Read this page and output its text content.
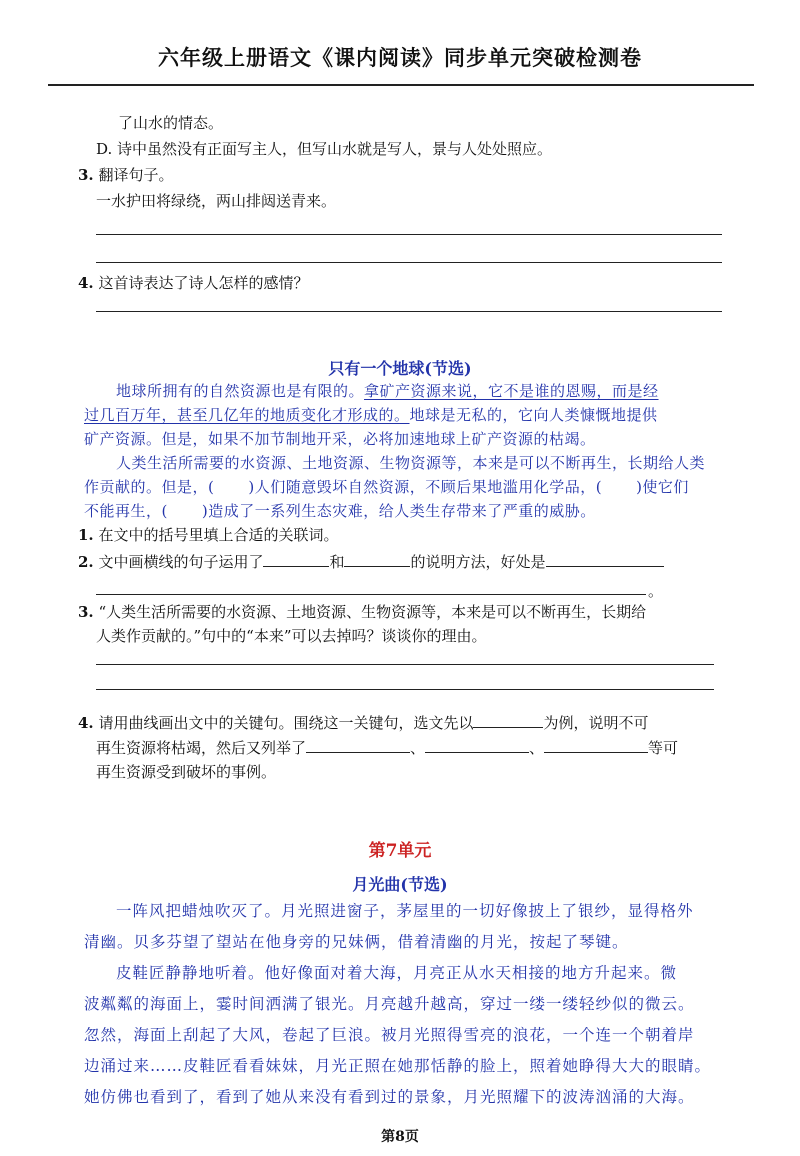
六年级上册语文《课内阅读》同步单元突破检测卷
了山水的情态。
D. 诗中虽然没有正面写主人，但写山水就是写人，景与人处处照应。
3. 翻译句子。
一水护田将绿绕，两山排闼送青来。
4. 这首诗表达了诗人怎样的感情？
只有一个地球(节选)
地球所拥有的自然资源也是有限的。拿矿产资源来说，它不是谁的恩赐，而是经
过几百万年，甚至几亿年的地质变化才形成的。地球是无私的，它向人类慷慨地提供
矿产资源。但是，如果不加节制地开采，必将加速地球上矿产资源的枯竭。
人类生活所需要的水资源、土地资源、生物资源等，本来是可以不断再生，长期给人类
作贡献的。但是，( )人们随意毁坏自然资源，不顾后果地滥用化学品，( )使它们
不能再生，( )造成了一系列生态灾难，给人类生存带来了严重的威胁。
1. 在文中的括号里填上合适的关联词。
2. 文中画横线的句子运用了	和	的说明方法，好处是
。
3. “人类生活所需要的水资源、土地资源、生物资源等，本来是可以不断再生，长期给
人类作贡献的。”句中的“本来”可以去掉吗？谈谈你的理由。
4. 请用曲线画出文中的关键句。围绕这一关键句，选文先以	为例，说明不可
再生资源将枯竭，然后又列举了	、	、	等可
再生资源受到破坏的事例。
第7单元
月光曲(节选)
一阵风把蜡烛吹灭了。月光照进窗子，茅屋里的一切好像披上了银纱，显得格外
清幽。贝多芬望了望站在他身旁的兄妹俩，借着清幽的月光，按起了琴键。
皮鞋匠静静地听着。他好像面对着大海，月亮正从水天相接的地方升起来。微
波粼粼的海面上，霎时间洒满了银光。月亮越升越高，穿过一缕一缕轻纱似的微云。
忽然，海面上刮起了大风，卷起了巨浪。被月光照得雪亮的浪花，一个连一个朝着岸
边涌过来……皮鞋匠看看妹妹，月光正照在她那恬静的脸上，照着她睁得大大的眼睛。
她仿佛也看到了，看到了她从来没有看到过的景象，月光照耀下的波涛汹涌的大海。
第8页
